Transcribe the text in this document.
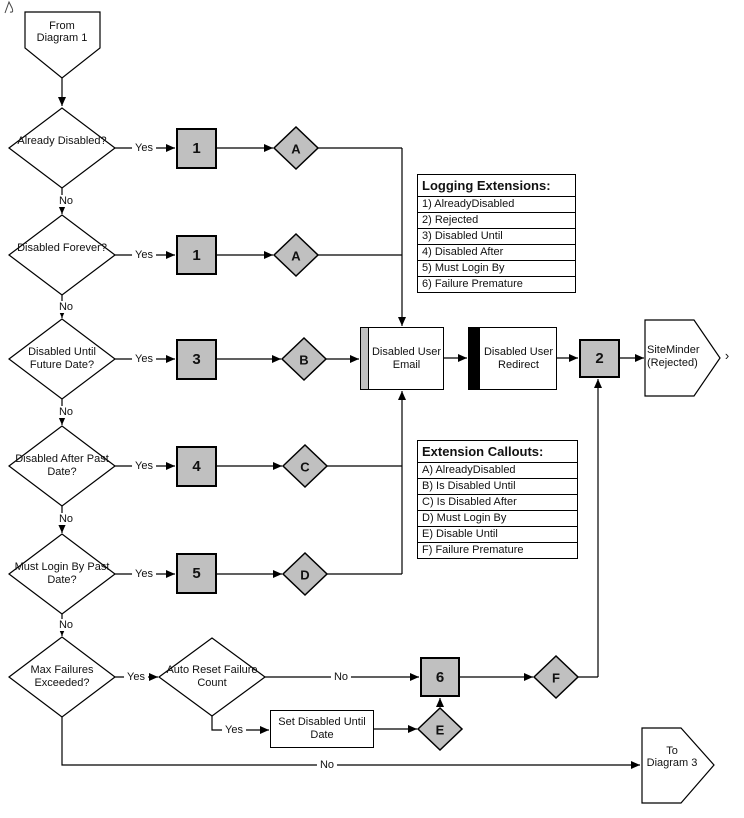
From Diagram 1
SiteMinder (Rejected)
To Diagram 3
›
Already Disabled?
Disabled Forever?
Disabled Until Future Date?
Disabled After Past Date?
Must Login By Past Date?
Max Failures Exceeded?
Auto Reset Failure Count
A
A
B
C
D
E
F
1
1
3
4
5
6
2
Disabled User Email
Disabled User Redirect
Set Disabled Until Date
Yes
Yes
Yes
Yes
Yes
Yes
Yes
No
No
No
No
No
No
No
Logging Extensions:
1) AlreadyDisabled
2) Rejected
3) Disabled Until
4) Disabled After
5) Must Login By
6) Failure Premature
Extension Callouts:
A) AlreadyDisabled
B) Is Disabled Until
C) Is Disabled After
D) Must Login By
E) Disable Until
F) Failure Premature
